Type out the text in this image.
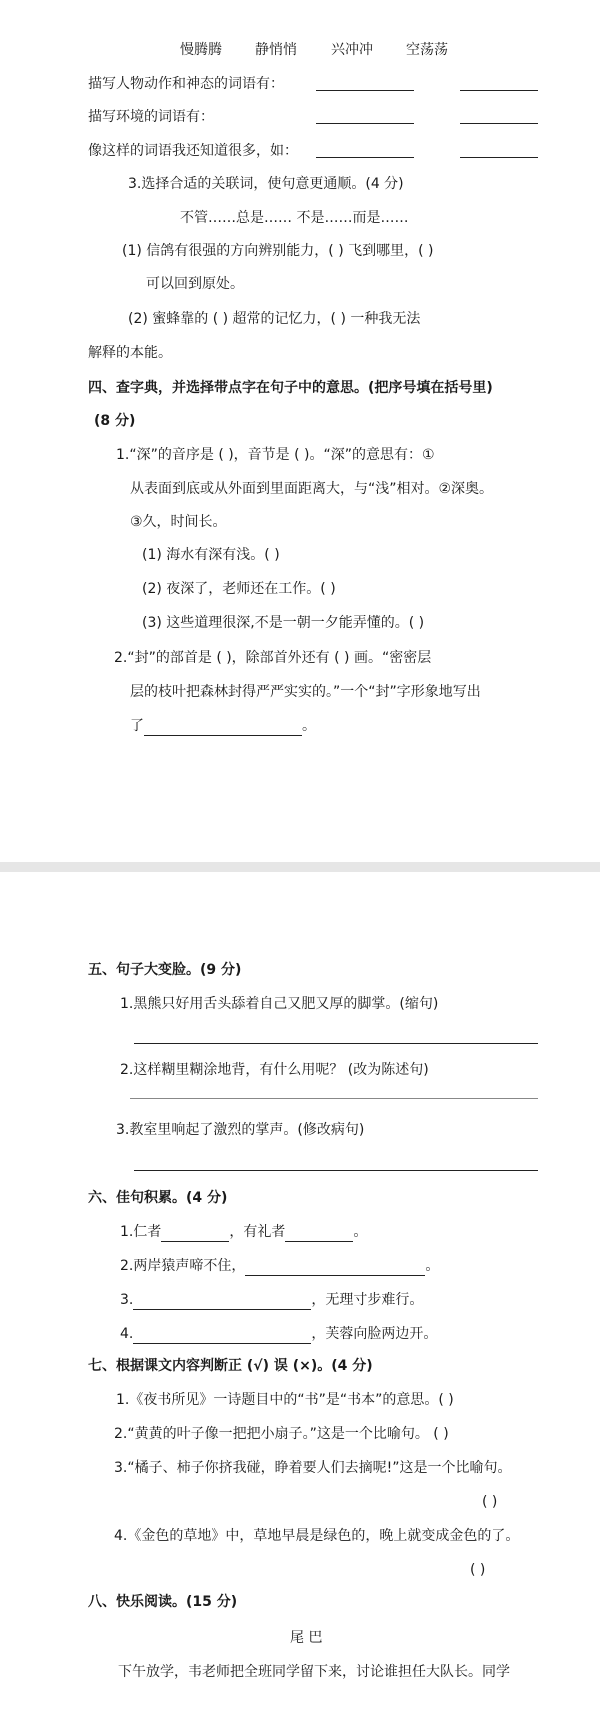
慢腾腾 静悄悄 兴冲冲 空荡荡
描写人物动作和神态的词语有：
描写环境的词语有：
像这样的词语我还知道很多，如：
3.选择合适的关联词，使句意更通顺。(4 分)
不管……总是…… 不是……而是……
(1) 信鸽有很强的方向辨别能力，( ) 飞到哪里，( )
可以回到原处。
(2) 蜜蜂靠的 ( ) 超常的记忆力，( ) 一种我无法
解释的本能。
四、查字典，并选择带点字在句子中的意思。(把序号填在括号里)
(8 分)
1.“深”的音序是 ( )，音节是 ( )。“深”的意思有：①
从表面到底或从外面到里面距离大，与“浅”相对。②深奥。
③久，时间长。
(1) 海水有深有浅。( )
(2) 夜深了，老师还在工作。( )
(3) 这些道理很深,不是一朝一夕能弄懂的。( )
2.“封”的部首是 ( )，除部首外还有 ( ) 画。“密密层
层的枝叶把森林封得严严实实的。”一个“封”字形象地写出
了	。
五、句子大变脸。(9 分)
1.黑熊只好用舌头舔着自己又肥又厚的脚掌。(缩句)
2.这样糊里糊涂地背，有什么用呢？ (改为陈述句)
3.教室里响起了激烈的掌声。(修改病句)
六、佳句积累。(4 分)
1.仁者	，有礼者	。
2.两岸猿声啼不住，	。
3.	，无理寸步难行。
4.	，芙蓉向脸两边开。
七、根据课文内容判断正 (√) 误 (×)。(4 分)
1.《夜书所见》一诗题目中的“书”是“书本”的意思。( )
2.“黄黄的叶子像一把把小扇子。”这是一个比喻句。 ( )
3.“橘子、柿子你挤我碰，睁着要人们去摘呢!”这是一个比喻句。
( )
4.《金色的草地》中，草地早晨是绿色的，晚上就变成金色的了。
( )
八、快乐阅读。(15 分)
尾 巴
下午放学，韦老师把全班同学留下来，讨论谁担任大队长。同学
